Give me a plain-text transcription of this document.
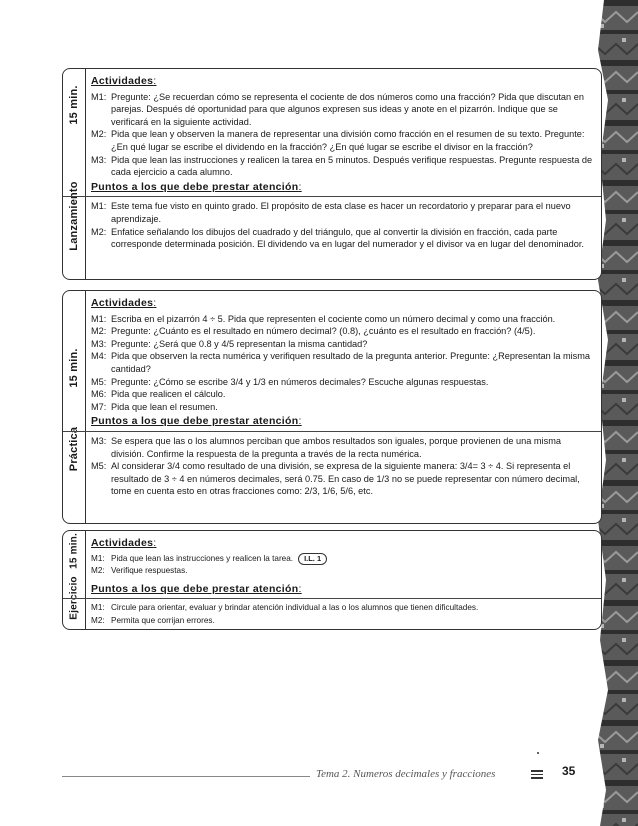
Lanzamiento
15 min.
Actividades:
M1: Pregunte: ¿Se recuerdan cómo se representa el cociente de dos números como una fracción? Pida que discutan en parejas. Después dé oportunidad para que algunos expresen sus ideas y anote en el pizarrón. Indique que se verificará en la siguiente actividad.
M2: Pida que lean y observen la manera de representar una división como fracción en el resumen de su texto. Pregunte: ¿En qué lugar se escribe el dividendo en la fracción? ¿En qué lugar se escribe el divisor en la fracción?
M3: Pida que lean las instrucciones y realicen la tarea en 5 minutos. Después verifique respuestas. Pregunte respuesta de cada ejercicio a cada alumno.
Puntos a los que debe prestar atención:
M1: Este tema fue visto en quinto grado. El propósito de esta clase es hacer un recordatorio y preparar para el nuevo aprendizaje.
M2: Enfatice señalando los dibujos del cuadrado y del triángulo, que al convertir la división en fracción, cada parte corresponde determinada posición. El dividendo va en lugar del numerador y el divisor va en lugar del denominador.
Práctica
15 min.
Actividades:
M1: Escriba en el pizarrón 4 ÷ 5. Pida que representen el cociente como un número decimal y como una fracción.
M2: Pregunte: ¿Cuánto es el resultado en número decimal? (0.8), ¿cuánto es el resultado en fracción? (4/5).
M3: Pregunte: ¿Será que 0.8 y 4/5 representan la misma cantidad?
M4: Pida que observen la recta numérica y verifiquen resultado de la pregunta anterior. Pregunte: ¿Representan la misma cantidad?
M5: Pregunte: ¿Cómo se escribe 3/4 y 1/3 en números decimales? Escuche algunas respuestas.
M6: Pida que realicen el cálculo.
M7: Pida que lean el resumen.
Puntos a los que debe prestar atención:
M3: Se espera que las o los alumnos perciban que ambos resultados son iguales, porque provienen de una misma división. Confirme la respuesta de la pregunta a través de la recta numérica.
M5: Al considerar 3/4 como resultado de una división, se expresa de la siguiente manera: 3/4= 3 ÷ 4. Si representa el resultado de 3 ÷ 4 en números decimales, será 0.75. En caso de 1/3 no se puede representar con número decimal, tome en cuenta esto en otras fracciones como: 2/3, 1/6, 5/6, etc.
Ejercicio
15 min. Actividades:
M1: Pida que lean las instrucciones y realicen la tarea. I.L. 1
M2: Verifique respuestas.
Puntos a los que debe prestar atención:
M1: Circule para orientar, evaluar y brindar atención individual a las o los alumnos que tienen dificultades.
M2: Permita que corrijan errores.
Tema 2. Numeros decimales y fracciones	35
